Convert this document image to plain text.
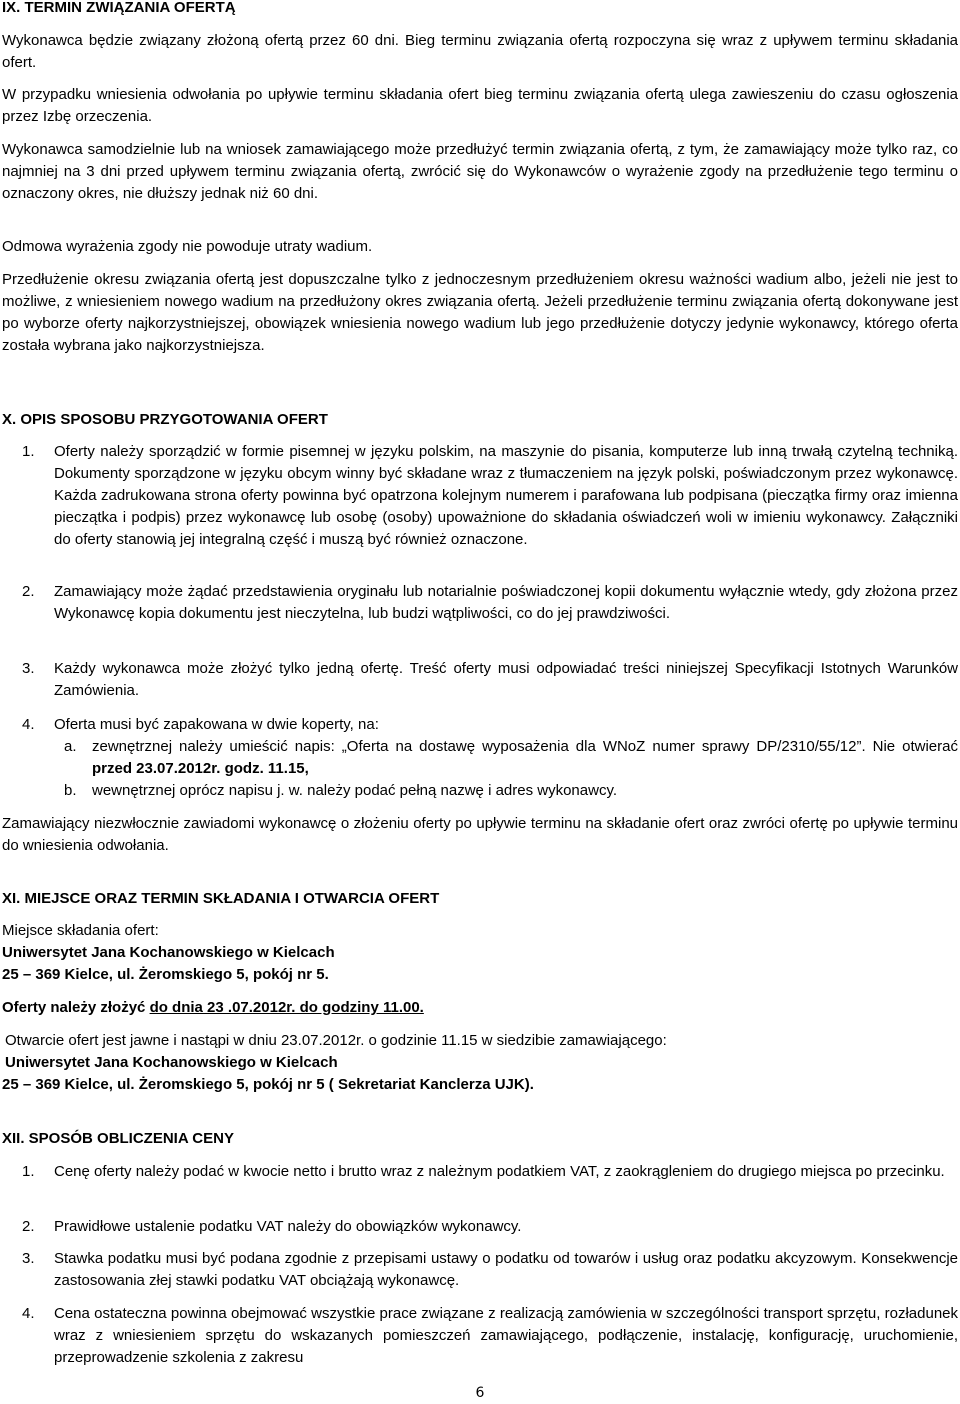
IX. TERMIN ZWIĄZANIA OFERTĄ

Wykonawca będzie związany złożoną ofertą przez 60 dni. Bieg terminu związania ofertą rozpoczyna się wraz z upływem terminu składania ofert.

W przypadku wniesienia odwołania po upływie terminu składania ofert bieg terminu związania ofertą ulega zawieszeniu do czasu ogłoszenia przez Izbę orzeczenia.

Wykonawca samodzielnie lub na wniosek zamawiającego może przedłużyć termin związania ofertą, z tym, że zamawiający może tylko raz, co najmniej na 3 dni przed upływem terminu związania ofertą, zwrócić się do Wykonawców o wyrażenie zgody na przedłużenie tego terminu o oznaczony okres, nie dłuższy jednak niż 60 dni.

Odmowa wyrażenia zgody nie powoduje utraty wadium.

Przedłużenie okresu związania ofertą jest dopuszczalne tylko z jednoczesnym przedłużeniem okresu ważności wadium albo, jeżeli nie jest to możliwe, z wniesieniem nowego wadium na przedłużony okres związania ofertą. Jeżeli przedłużenie terminu związania ofertą dokonywane jest po wyborze oferty najkorzystniejszej, obowiązek wniesienia nowego wadium lub jego przedłużenie dotyczy jedynie wykonawcy, którego oferta została wybrana jako najkorzystniejsza.

X. OPIS SPOSOBU PRZYGOTOWANIA OFERT

1.	Oferty należy sporządzić w formie pisemnej w języku polskim, na maszynie do pisania, komputerze lub inną trwałą czytelną techniką. Dokumenty sporządzone w języku obcym winny być składane wraz z tłumaczeniem na język polski, poświadczonym przez wykonawcę. Każda zadrukowana strona oferty powinna być opatrzona kolejnym numerem i parafowana lub podpisana (pieczątka firmy oraz imienna pieczątka i podpis) przez wykonawcę lub osobę (osoby) upoważnione do składania oświadczeń woli w imieniu wykonawcy. Załączniki do oferty stanowią jej integralną część i muszą być również oznaczone.
2.	Zamawiający może żądać przedstawienia oryginału lub notarialnie poświadczonej kopii dokumentu wyłącznie wtedy, gdy złożona przez Wykonawcę kopia dokumentu jest nieczytelna, lub budzi wątpliwości, co do jej prawdziwości.
3.	Każdy wykonawca może złożyć tylko jedną ofertę. Treść oferty musi odpowiadać treści niniejszej Specyfikacji Istotnych Warunków Zamówienia.
4.	Oferta musi być zapakowana w dwie koperty, na:
a.	zewnętrznej należy umieścić napis: „Oferta na dostawę wyposażenia dla WNoZ numer sprawy DP/2310/55/12”. Nie otwierać przed 23.07.2012r. godz. 11.15,
b.	wewnętrznej oprócz napisu j. w. należy podać pełną nazwę i adres wykonawcy.

Zamawiający niezwłocznie zawiadomi wykonawcę o złożeniu oferty po upływie terminu na składanie ofert oraz zwróci ofertę po upływie terminu do wniesienia odwołania.

XI. MIEJSCE ORAZ TERMIN SKŁADANIA I OTWARCIA OFERT

Miejsce składania ofert:

Uniwersytet Jana Kochanowskiego w Kielcach

25 – 369 Kielce, ul. Żeromskiego 5, pokój nr 5.

Oferty należy złożyć do dnia 23 .07.2012r. do godziny 11.00.

Otwarcie ofert jest jawne i nastąpi w dniu 23.07.2012r. o godzinie 11.15 w siedzibie zamawiającego:

Uniwersytet Jana Kochanowskiego w Kielcach

25 – 369 Kielce, ul. Żeromskiego 5, pokój nr 5 ( Sekretariat Kanclerza UJK).

XII. SPOSÓB OBLICZENIA CENY

1.	Cenę oferty należy podać w kwocie netto i brutto wraz z należnym podatkiem VAT, z zaokrągleniem do drugiego miejsca po przecinku.
2.	Prawidłowe ustalenie podatku VAT należy do obowiązków wykonawcy.
3.	Stawka podatku musi być podana zgodnie z przepisami ustawy o podatku od towarów i usług oraz podatku akcyzowym. Konsekwencje zastosowania złej stawki podatku VAT obciążają wykonawcę.
4.	Cena ostateczna powinna obejmować wszystkie prace związane z realizacją zamówienia w szczególności transport sprzętu, rozładunek wraz z wniesieniem sprzętu do wskazanych pomieszczeń zamawiającego, podłączenie, instalację, konfigurację, uruchomienie, przeprowadzenie szkolenia z zakresu
6
